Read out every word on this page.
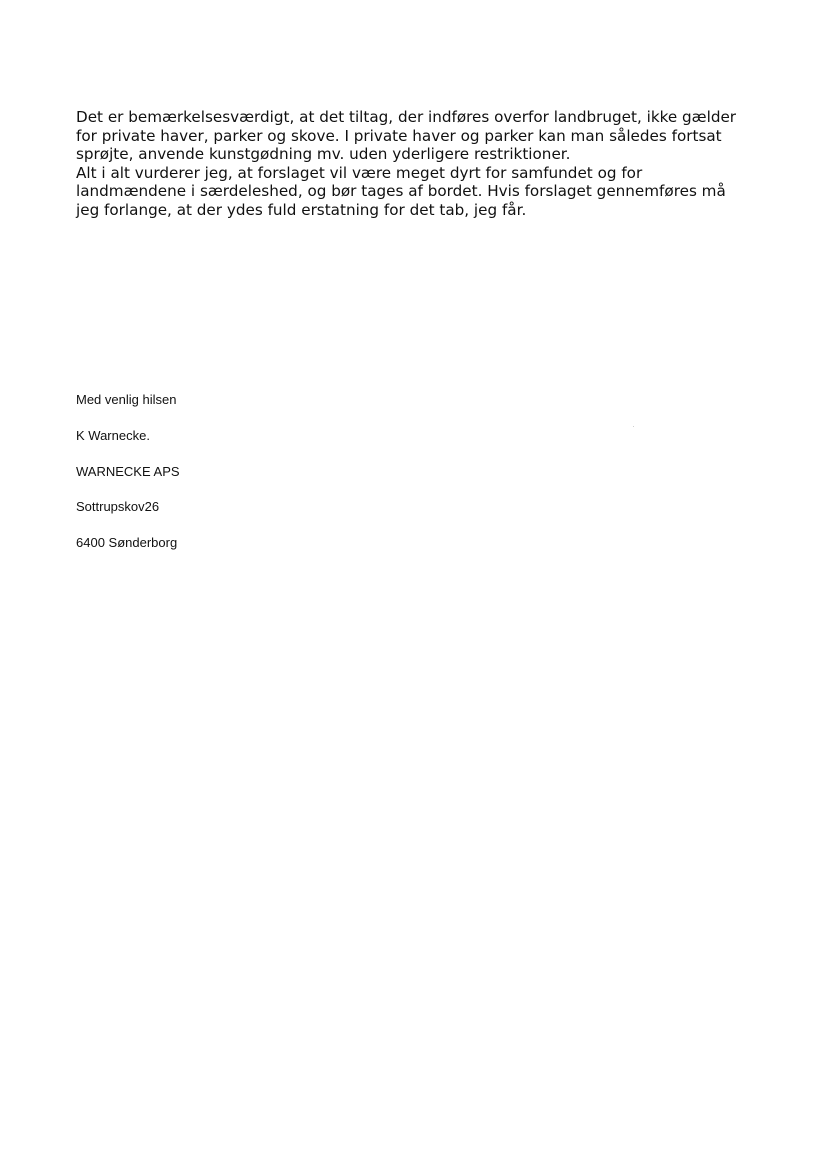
Det er bemærkelsesværdigt, at det tiltag, der indføres overfor landbruget, ikke gælder
for private haver, parker og skove. I private haver og parker kan man således fortsat
sprøjte, anvende kunstgødning mv. uden yderligere restriktioner.
Alt i alt vurderer jeg, at forslaget vil være meget dyrt for samfundet og for
landmændene i særdeleshed, og bør tages af bordet. Hvis forslaget gennemføres må
jeg forlange, at der ydes fuld erstatning for det tab, jeg får.

Med venlig hilsen
K Warnecke.
WARNECKE APS
Sottrupskov26
6400 Sønderborg
